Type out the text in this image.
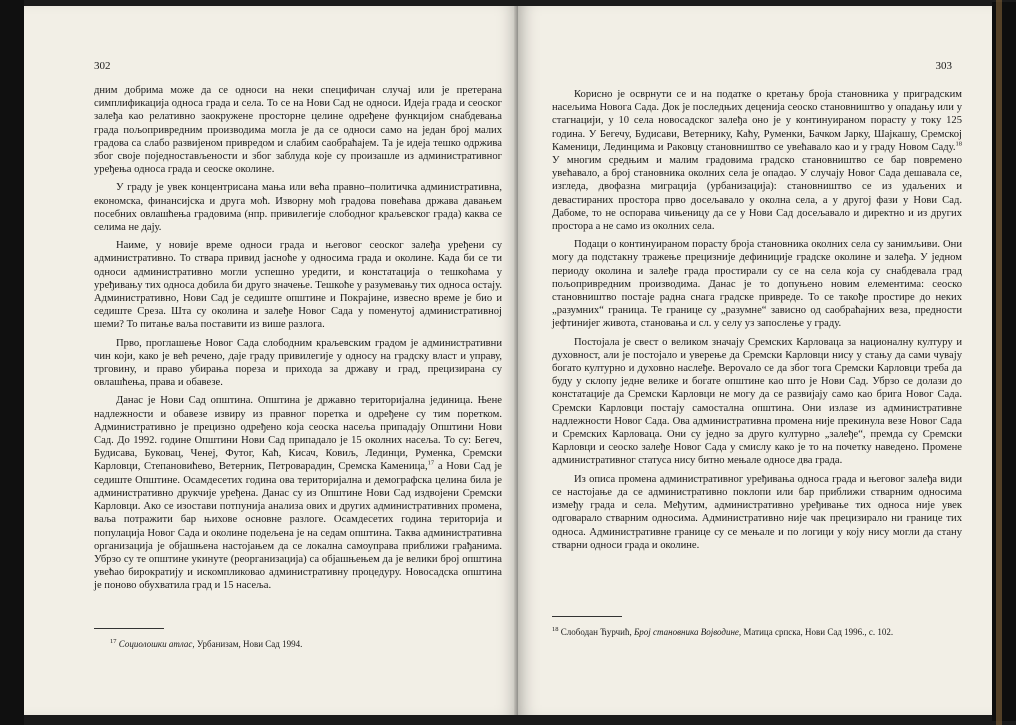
302

дним добрима може да се односи на неки специфичан случај или је претерана симплификација односа града и села. То се на Нови Сад не односи. Идеја града и сеоског залеђа као релативно заокружене просторне целине одређене функцијом снабдевања града пољопривредним производима могла је да се односи само на један број малих градова са слабо развијеном привредом и слабим саобраћајем. Та је идеја тешко одржива због своје поједностављености и због заблуда које су произашле из административног уређења односа града и сеоске околине.

У граду је увек концентрисана мања или већа правно–политичка административна, економска, финансијска и друга моћ. Изворну моћ градова повећава држава давањем посебних овлашћења градовима (нпр. привилегије слободног краљевског града) каква се селима не дају.

Наиме, у новије време односи града и његовог сеоског залеђа уређени су административно. То ствара привид јасноће у односима града и околине. Када би се ти односи административно могли успешно уредити, и констатација о тешкоћама у уређивању тих односа добила би друго значење. Тешкоће у разумевању тих односа остају. Административно, Нови Сад је седиште општине и Покрајине, извесно време је био и седиште Среза. Шта су околина и залеђе Новог Сада у поменутој административној шеми? То питање ваља поставити из више разлога.

Прво, проглашење Новог Сада слободним краљевским градом је административни чин који, како је већ речено, даје граду привилегије у односу на градску власт и управу, трговину, и право убирања пореза и прихода за државу и град, прецизирана су овлашћења, права и обавезе.

Данас је Нови Сад општина. Општина је државно територијална јединица. Њене надлежности и обавезе извиру из правног поретка и одређене су тим поретком. Административно је прецизно одређено која сеоска насеља припадају Општини Нови Сад. До 1992. године Општини Нови Сад припадало је 15 околних насеља. То су: Бегеч, Будисава, Буковац, Ченеј, Футог, Каћ, Кисач, Ковиљ, Лединци, Руменка, Сремски Карловци, Степановићево, Ветерник, Петроварадин, Сремска Каменица,$^{17}$ а Нови Сад је седиште Општине. Осамдесетих година ова територијална и демографска целина била је административно друкчије уређена. Данас су из Општине Нови Сад издвојени Сремски Карловци. Ако се изостави потпунија анализа ових и других административних промена, ваља потражити бар њихове основне разлоге. Осамдесетих година територија и популација Новог Сада и околине подељена је на седам општина. Таква административна организација је објашњена настојањем да се локална самоуправа приближи грађанима. Убрзо су те општине укинуте (реорганизација) са објашњењем да је велики број општина увећао бирократију и искомпликовао административну процедуру. Новосадска општина је поново обухватила град и 15 насеља.

$^{17}$ Социолошки атлас, Урбанизам, Нови Сад 1994.
303

Корисно је осврнути се и на податке о кретању броја становника у приградским насељима Новога Сада. Док је последњих деценија сеоско становништво у опадању или у стагнацији, у 10 села новосадског залеђа оно је у континуираном порасту у току 125 година. У Бегечу, Будисави, Ветернику, Каћу, Руменки, Бачком Јарку, Шајкашу, Сремској Каменици, Лединцима и Раковцу становништво се увећавало као и у граду Новом Саду.$^{18}$ У многим средњим и малим градовима градско становништво се бар повремено увећавало, а број становника околних села је опадао. У случају Новог Сада дешавала се, изгледа, двофазна миграција (урбанизација): становништво се из удаљених и девастираних простора прво досељавало у околна села, а у другој фази у Нови Сад. Дабоме, то не оспорава чињеницу да се у Нови Сад досељавало и директно и из других простора а не само из околних села.

Подаци о континуираном порасту броја становника околних села су занимљиви. Они могу да подстакну тражење прецизније дефиниције градске околине и залеђа. У једном периоду околина и залеђе града простирали су се на села која су снабдевала град пољопривредним производима. Данас је то допуњено новим елементима: сеоско становништво постаје радна снага градске привреде. То се такође простире до неких „разумних“ граница. Те границе су „разумне“ зависно од саобраћајних веза, предности јефтинијег живота, становања и сл. у селу уз запослење у граду.

Постојала је свест о великом значају Сремских Карловаца за националну културу и духовност, али је постојало и уверење да Сремски Карловци нису у стању да сами чувају богато културно и духовно наслеђе. Верovaло се да због тога Сремски Карловци треба да буду у склопу једне велике и богате општине као што је Нови Сад. Убрзо се долази до констатације да Сремски Карловци не могу да се развијају само као брига Новог Сада. Сремски Карловци постају самостална општина. Они излазе из административне надлежности Новог Сада. Ова административна промена није прекинула везе Новог Сада и Сремских Карловаца. Они су једно за друго културно „залеђе“, премда су Сремски Карловци и сеоско залеђе Новог Сада у смислу како је то на почетку наведено. Промене административног статуса нису битно мењале односе два града.

Из описа промена административног уређивања односа града и његовог залеђа види се настојање да се административно поклопи или бар приближи стварним односима између града и села. Међутим, административно уређивање тих односа није увек одговарало стварним односима. Административно није чак прецизирало ни границе тих односа. Административне границе су се мењале и по логици у коју нису могли да стану стварни односи града и околине.

$^{18}$ Слободан Ћурчић, Број становника Војводине, Матица српска, Нови Сад 1996., с. 102.
